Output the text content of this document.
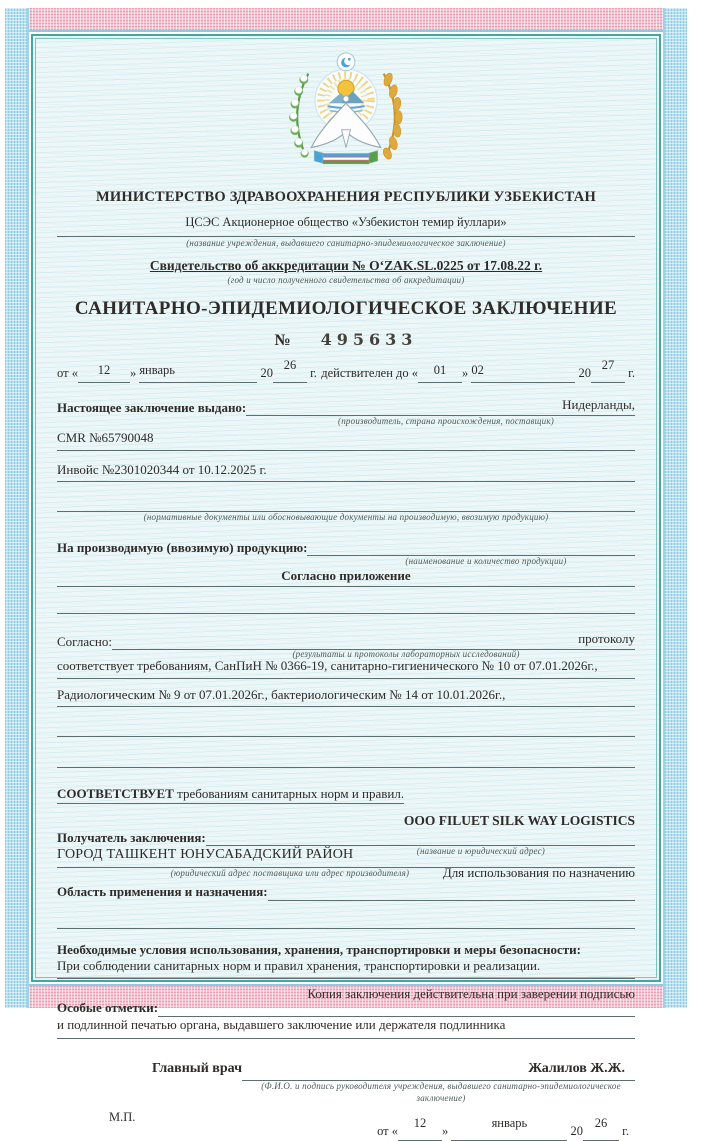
МИНИСТЕРСТВО ЗДРАВООХРАНЕНИЯ РЕСПУБЛИКИ УЗБЕКИСТАН
ЦСЭС Акционерное общество «Узбекистон темир йуллари»
(название учреждения, выдавшего санитарно-эпидемиологическое заключение)
Свидетельство об аккредитации № O‘ZAK.SL.0225 от 17.08.22 г.
(год и число полученного свидетельства об аккредитации)
САНИТАРНО-ЭПИДЕМИОЛОГИЧЕСКОЕ ЗАКЛЮЧЕНИЕ
№ 495633
от « 12 » январь	2026 г. действителен до « 01 » 02	2027 г.
Настоящее заключение выдано:	Нидерланды,
(производитель, страна происхождения, поставщик)
CMR №65790048
Инвойс №2301020344 от 10.12.2025 г.
(нормативные документы или обосновывающие документы на производимую, ввозимую продукцию)
На производимую (ввозимую) продукцию:
(наименование и количество продукции)
Согласно приложение
Согласно:	протоколу
(результаты и протоколы лабораторных исследований)
соответствует требованиям, СанПиН № 0366-19, санитарно-гигиенического № 10 от 07.01.2026г.,
Радиологическим № 9 от 07.01.2026г., бактериологическим № 14 от 10.01.2026г.,
СООТВЕТСТВУЕТ требованиям санитарных норм и правил.
ООО FILUET SILK WAY LOGISTICS
Получатель заключения:
ГОРОД ТАШКЕНТ ЮНУСАБАДСКИЙ РАЙОН	(название и юридический адрес)
(юридический адрес поставщика или адрес производителя)	Для использования по назначению
Область применения и назначения:
Необходимые условия использования, хранения, транспортировки и меры безопасности:
При соблюдении санитарных норм и правил хранения, транспортировки и реализации.
Копия заключения действительна при заверении подписью
Особые отметки:
и подлинной печатью органа, выдавшего заключение или держателя подлинника
Главный врач	Жалилов Ж.Ж.
(Ф.И.О. и подпись руководителя учреждения, выдавшего санитарно-эпидемиологическое заключение)
М.П.
от «12» январь 2026 г.
